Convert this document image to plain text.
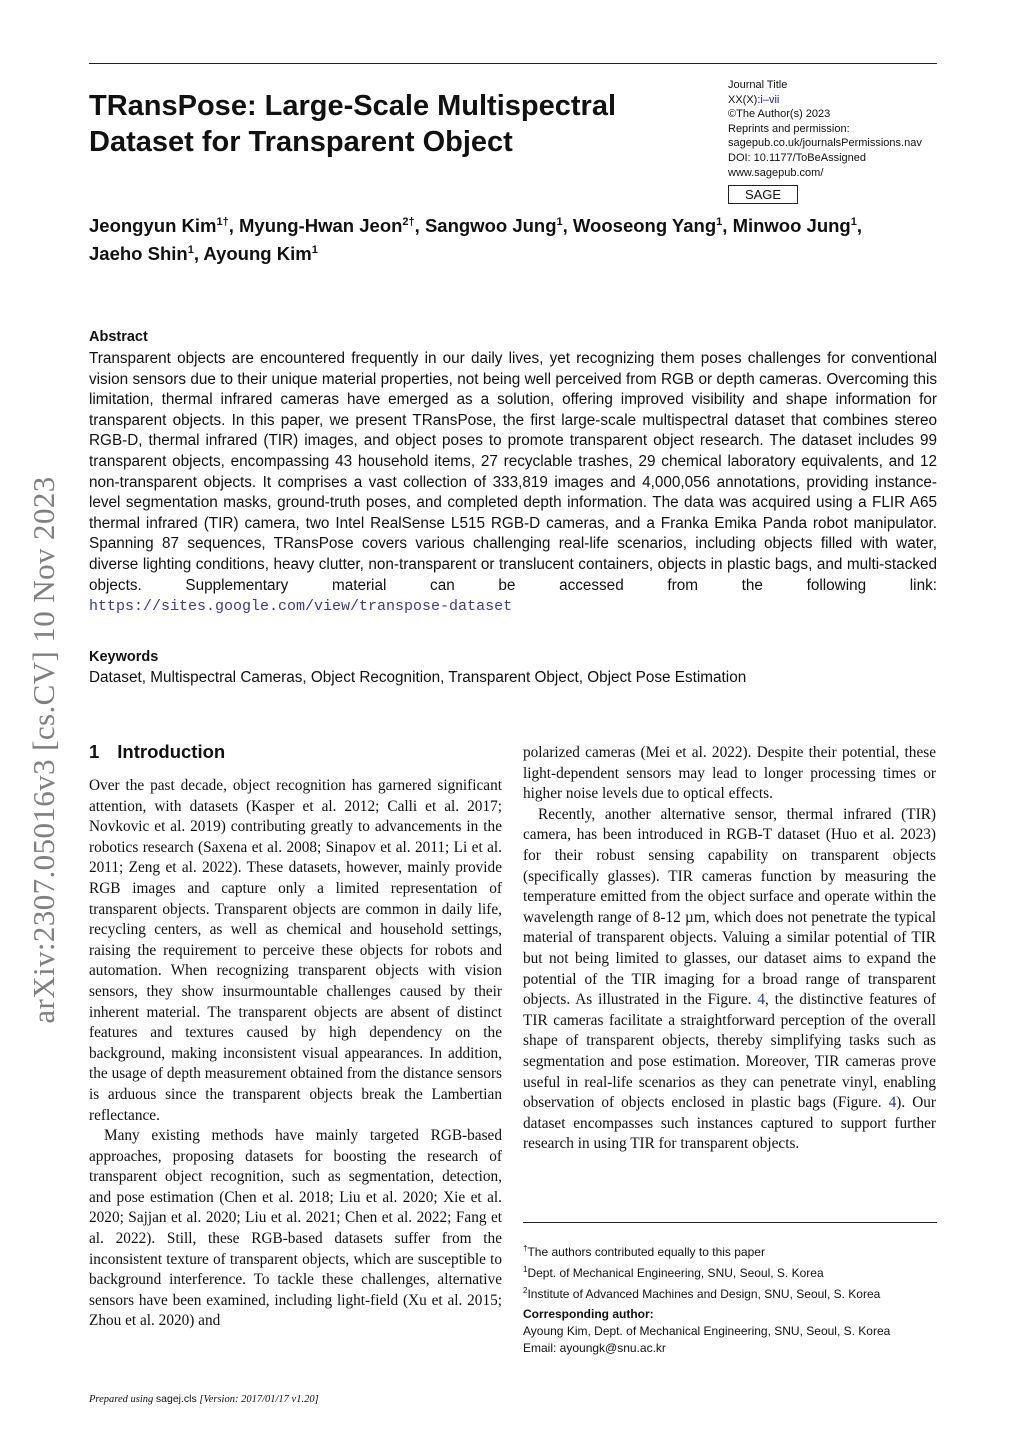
arXiv:2307.05016v3 [cs.CV] 10 Nov 2023
TRansPose: Large-Scale Multispectral Dataset for Transparent Object
Journal Title
XX(X):i–vii
©The Author(s) 2023
Reprints and permission:
sagepub.co.uk/journalsPermissions.nav
DOI: 10.1177/ToBeAssigned
www.sagepub.com/
SAGE
Jeongyun Kim$^{1\dagger}$, Myung-Hwan Jeon$^{2\dagger}$, Sangwoo Jung$^1$, Wooseong Yang$^1$, Minwoo Jung$^1$,
Jaeho Shin$^1$, Ayoung Kim$^1$
Abstract
Transparent objects are encountered frequently in our daily lives, yet recognizing them poses challenges for conventional vision sensors due to their unique material properties, not being well perceived from RGB or depth cameras. Overcoming this limitation, thermal infrared cameras have emerged as a solution, offering improved visibility and shape information for transparent objects. In this paper, we present TRansPose, the first large-scale multispectral dataset that combines stereo RGB-D, thermal infrared (TIR) images, and object poses to promote transparent object research. The dataset includes 99 transparent objects, encompassing 43 household items, 27 recyclable trashes, 29 chemical laboratory equivalents, and 12 non-transparent objects. It comprises a vast collection of 333,819 images and 4,000,056 annotations, providing instance-level segmentation masks, ground-truth poses, and completed depth information. The data was acquired using a FLIR A65 thermal infrared (TIR) camera, two Intel RealSense L515 RGB-D cameras, and a Franka Emika Panda robot manipulator. Spanning 87 sequences, TRansPose covers various challenging real-life scenarios, including objects filled with water, diverse lighting conditions, heavy clutter, non-transparent or translucent containers, objects in plastic bags, and multi-stacked objects. Supplementary material can be accessed from the following link: https://sites.google.com/view/transpose-dataset
Keywords
Dataset, Multispectral Cameras, Object Recognition, Transparent Object, Object Pose Estimation
1 Introduction

Over the past decade, object recognition has garnered significant attention, with datasets (Kasper et al. 2012; Calli et al. 2017; Novkovic et al. 2019) contributing greatly to advancements in the robotics research (Saxena et al. 2008; Sinapov et al. 2011; Li et al. 2011; Zeng et al. 2022). These datasets, however, mainly provide RGB images and capture only a limited representation of transparent objects. Transparent objects are common in daily life, recycling centers, as well as chemical and household settings, raising the requirement to perceive these objects for robots and automation. When recognizing transparent objects with vision sensors, they show insurmountable challenges caused by their inherent material. The transparent objects are absent of distinct features and textures caused by high dependency on the background, making inconsistent visual appearances. In addition, the usage of depth measurement obtained from the distance sensors is arduous since the transparent objects break the Lambertian reflectance.

Many existing methods have mainly targeted RGB-based approaches, proposing datasets for boosting the research of transparent object recognition, such as segmentation, detection, and pose estimation (Chen et al. 2018; Liu et al. 2020; Xie et al. 2020; Sajjan et al. 2020; Liu et al. 2021; Chen et al. 2022; Fang et al. 2022). Still, these RGB-based datasets suffer from the inconsistent texture of transparent objects, which are susceptible to background interference. To tackle these challenges, alternative sensors have been examined, including light-field (Xu et al. 2015; Zhou et al. 2020) and

polarized cameras (Mei et al. 2022). Despite their potential, these light-dependent sensors may lead to longer processing times or higher noise levels due to optical effects.

Recently, another alternative sensor, thermal infrared (TIR) camera, has been introduced in RGB-T dataset (Huo et al. 2023) for their robust sensing capability on transparent objects (specifically glasses). TIR cameras function by measuring the temperature emitted from the object surface and operate within the wavelength range of 8-12 µm, which does not penetrate the typical material of transparent objects. Valuing a similar potential of TIR but not being limited to glasses, our dataset aims to expand the potential of the TIR imaging for a broad range of transparent objects. As illustrated in the Figure. 4, the distinctive features of TIR cameras facilitate a straightforward perception of the overall shape of transparent objects, thereby simplifying tasks such as segmentation and pose estimation. Moreover, TIR cameras prove useful in real-life scenarios as they can penetrate vinyl, enabling observation of objects enclosed in plastic bags (Figure. 4). Our dataset encompasses such instances captured to support further research in using TIR for transparent objects.

†The authors contributed equally to this paper
$^1$Dept. of Mechanical Engineering, SNU, Seoul, S. Korea
$^2$Institute of Advanced Machines and Design, SNU, Seoul, S. Korea
Corresponding author:
Ayoung Kim, Dept. of Mechanical Engineering, SNU, Seoul, S. Korea
Email: ayoungk@snu.ac.kr
Prepared using sagej.cls [Version: 2017/01/17 v1.20]
